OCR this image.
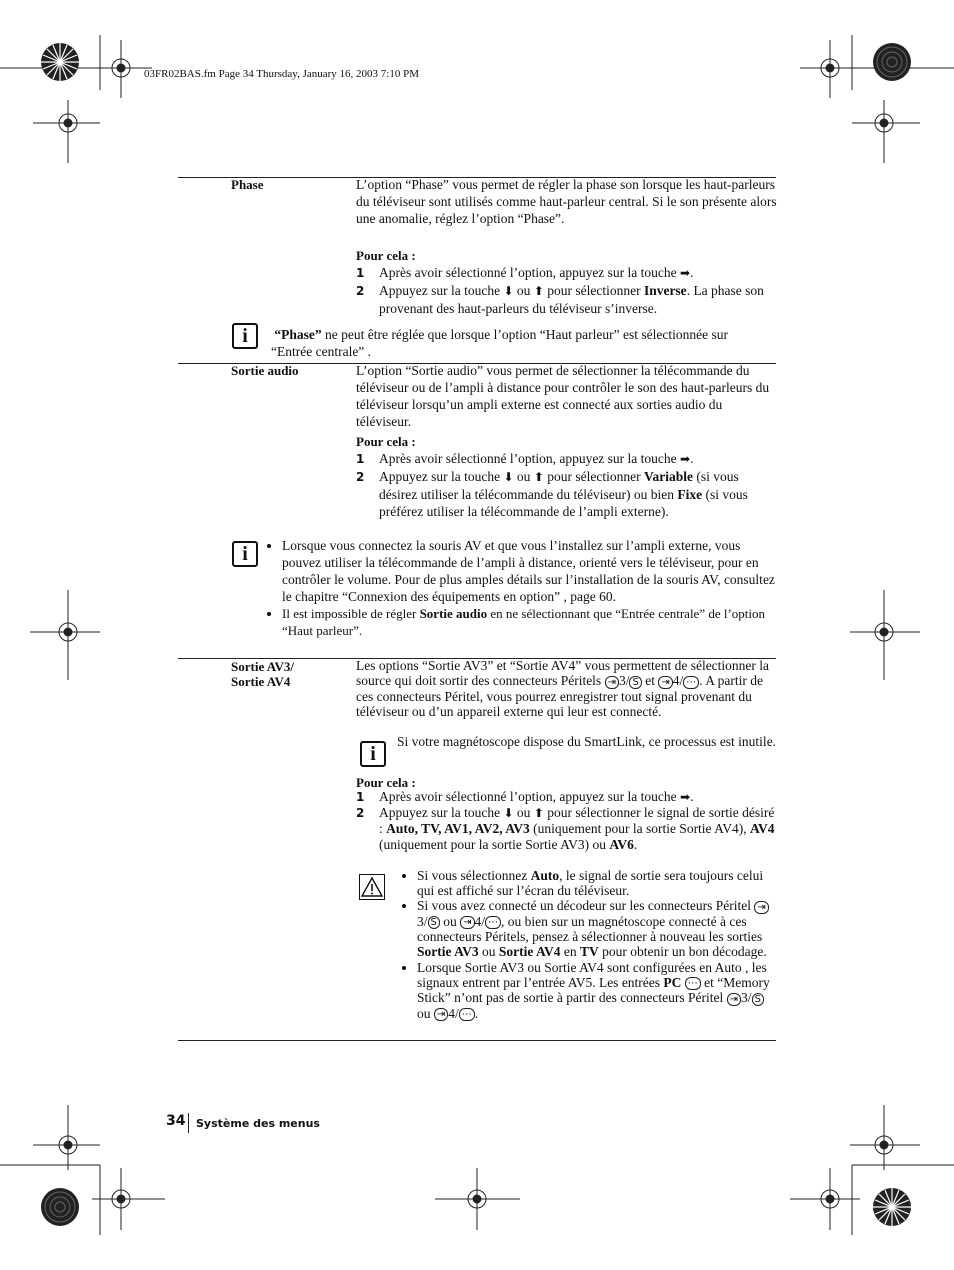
03FR02BAS.fm Page 34 Thursday, January 16, 2003 7:10 PM
Phase	L’option “Phase” vous permet de régler la phase son lorsque les haut-parleurs du téléviseur sont utilisés comme haut-parleur central. Si le son présente alors une anomalie, réglez l’option “Phase”.

Pour cela :
1	Après avoir sélectionné l’option, appuyez sur la touche ➡.
2	Appuyez sur la touche ⬇ ou ⬆ pour sélectionner Inverse. La phase son provenant des haut-parleurs du téléviseur s’inverse.
i	“Phase” ne peut être réglée que lorsque l’option “Haut parleur” est sélectionnée sur “Entrée centrale” .
Sortie audio	L’option “Sortie audio” vous permet de sélectionner la télécommande du téléviseur ou de l’ampli à distance pour contrôler le son des haut-parleurs du téléviseur lorsqu’un ampli externe est connecté aux sorties audio du téléviseur.

Pour cela :
1	Après avoir sélectionné l’option, appuyez sur la touche ➡.
2	Appuyez sur la touche ⬇ ou ⬆ pour sélectionner Variable (si vous désirez utiliser la télécommande du téléviseur) ou bien Fixe (si vous préférez utiliser la télécommande de l’ampli externe).
i
•	Lorsque vous connectez la souris AV et que vous l’installez sur l’ampli externe, vous pouvez utiliser la télécommande de l’ampli à distance, orienté vers le téléviseur, pour en contrôler le volume. Pour de plus amples détails sur l’installation de la souris AV, consultez le chapitre “Connexion des équipements en option” , page 60.
• Il est impossible de régler Sortie audio en ne sélectionnant que “Entrée centrale” de l’option “Haut parleur”.
Sortie AV3/
Sortie AV4
Les options “Sortie AV3” et “Sortie AV4” vous permettent de sélectionner la source qui doit sortir des connecteurs Péritels ⇥ 3/ S et ⇥ 4/ ⋯ . A partir de ces connecteurs Péritel, vous pourrez enregistrer tout signal provenant du téléviseur ou d’un appareil externe qui leur est connecté.
i
Si votre magnétoscope dispose du SmartLink, ce processus est inutile.
Pour cela :
1	Après avoir sélectionné l’option, appuyez sur la touche ➡.
2	Appuyez sur la touche ⬇ ou ⬆ pour sélectionner le signal de sortie désiré : Auto, TV, AV1, AV2, AV3 (uniquement pour la sortie Sortie AV4), AV4 (uniquement pour la sortie Sortie AV3) ou AV6.
• Si vous sélectionnez Auto, le signal de sortie sera toujours celui qui est affiché sur l’écran du téléviseur.
• Si vous avez connecté un décodeur sur les connecteurs Péritel ⇥3/ S ou ⇥ 4/ ⋯ , ou bien sur un magnétoscope connecté à ces connecteurs Péritels, pensez à sélectionner à nouveau les sorties Sortie AV3 ou Sortie AV4 en TV pour obtenir un bon décodage.
• Lorsque Sortie AV3 ou Sortie AV4 sont configurées en Auto , les signaux entrent par l’entrée AV5. Les entrées PC ⋯ et “Memory Stick” n’ont pas de sortie à partir des connecteurs Péritel ⇥ 3/ S ou ⇥ 4/ ⋯ .
34 Système des menus
